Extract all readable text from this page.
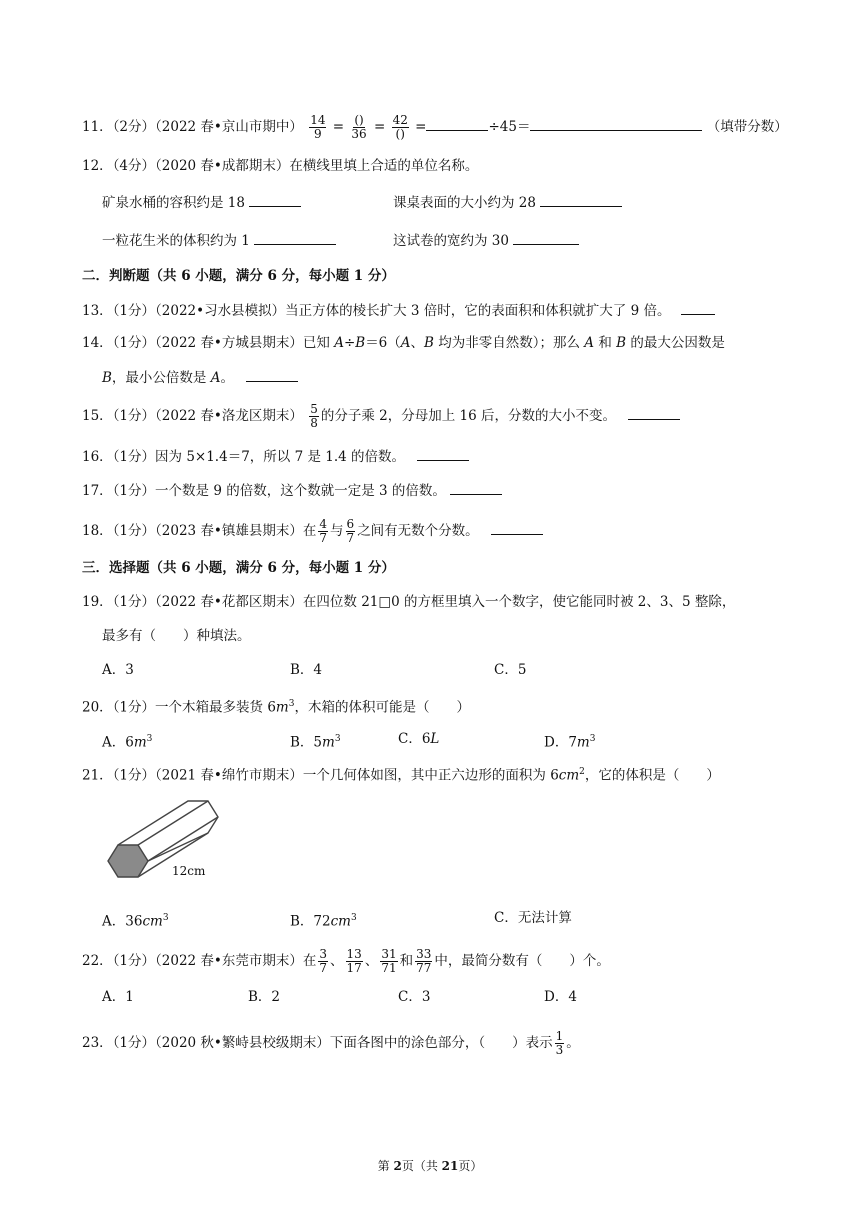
11．（2分）（2022 春•京山市期中） $\frac{14}{9} = \frac{()}{36} = \frac{42}{()}$ =	÷45＝	（填带分数）
12．（4分）（2020 春•成都期末）在横线里填上合适的单位名称。
矿泉水桶的容积约是 18	课桌表面的大小约为 28
一粒花生米的体积约为 1	这试卷的宽约为 30
二．判断题（共 6 小题，满分 6 分，每小题 1 分）
13．（1分）（2022•习水县模拟）当正方体的棱长扩大 3 倍时，它的表面积和体积就扩大了 9 倍。
14．（1分）（2022 春•方城县期末）已知 A÷B＝6（A、B 均为非零自然数）；那么 A 和 B 的最大公因数是
B，最小公倍数是 A。
15．（1分）（2022 春•洛龙区期末） $\frac{5}{8}$ 的分子乘 2，分母加上 16 后，分数的大小不变。
16．（1分）因为 5×1.4＝7，所以 7 是 1.4 的倍数。
17．（1分）一个数是 9 的倍数，这个数就一定是 3 的倍数。
18．（1分）（2023 春•镇雄县期末）在 $\frac{4}{7}$ 与 $\frac{6}{7}$ 之间有无数个分数。
三．选择题（共 6 小题，满分 6 分，每小题 1 分）
19．（1分）（2022 春•花都区期末）在四位数 21□0 的方框里填入一个数字，使它能同时被 2、3、5 整除，
最多有（　　）种填法。
A．3	B．4	C．5
20．（1分）一个木箱最多装货 $6m^3$，木箱的体积可能是（　　）
A．$6m^3$	B．$5m^3$	C．6L	D．$7m^3$
21．（1分）（2021 春•绵竹市期末）一个几何体如图，其中正六边形的面积为 $6cm^2$，它的体积是（　　）
12cm
A．$36cm^3$	B．$72cm^3$	C．无法计算
22．（1分）（2022 春•东莞市期末）在 $\frac{3}{7}$ 、 $\frac{13}{17}$ 、 $\frac{31}{71}$ 和 $\frac{33}{77}$ 中，最简分数有（　　）个。
A．1	B．2	C．3	D．4
23．（1分）（2020 秋•繁峙县校级期末）下面各图中的涂色部分，（　　）表示 $\frac{1}{3}$ 。
第 2页（共 21页）
